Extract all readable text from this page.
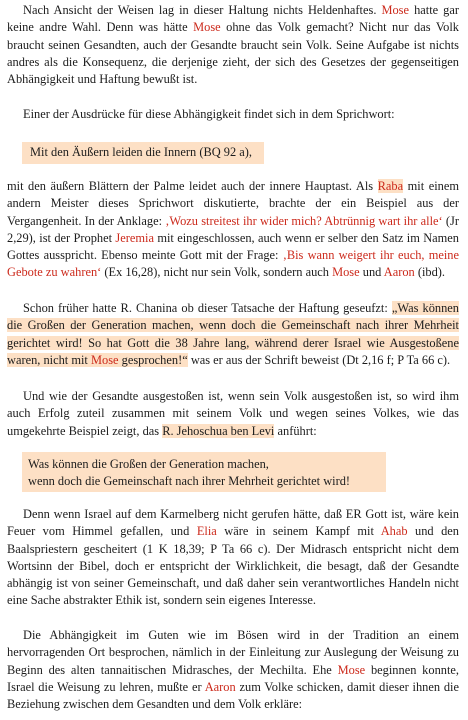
Nach Ansicht der Weisen lag in dieser Haltung nichts Heldenhaftes. Mose hatte gar keine andre Wahl. Denn was hätte Mose ohne das Volk gemacht? Nicht nur das Volk braucht seinen Gesandten, auch der Gesandte braucht sein Volk. Seine Aufgabe ist nichts andres als die Konsequenz, die derjenige zieht, der sich des Gesetzes der gegenseitigen Abhängigkeit und Haftung bewußt ist.

Einer der Ausdrücke für diese Abhängigkeit findet sich in dem Sprichwort:

Mit den Äußern leiden die Innern (BQ 92 a),

mit den äußern Blättern der Palme leidet auch der innere Hauptast. Als Raba mit einem andern Meister dieses Sprichwort diskutierte, brachte der ein Beispiel aus der Vergangenheit. In der Anklage: ‚Wozu streitest ihr wider mich? Abtrünnig wart ihr alle‘ (Jr 2,29), ist der Prophet Jeremia mit eingeschlossen, auch wenn er selber den Satz im Namen Gottes ausspricht. Ebenso meinte Gott mit der Frage: ‚Bis wann weigert ihr euch, meine Gebote zu wahren‘ (Ex 16,28), nicht nur sein Volk, sondern auch Mose und Aaron (ibd).

Schon früher hatte R. Chanina ob dieser Tatsache der Haftung geseufzt: „Was können die Großen der Generation machen, wenn doch die Gemeinschaft nach ihrer Mehrheit gerichtet wird! So hat Gott die 38 Jahre lang, während derer Israel wie Ausgestoßene waren, nicht mit Mose gesprochen!“ was er aus der Schrift beweist (Dt 2,16 f; P Ta 66 c).

Und wie der Gesandte ausgestoßen ist, wenn sein Volk ausgestoßen ist, so wird ihm auch Erfolg zuteil zusammen mit seinem Volk und wegen seines Volkes, wie das umgekehrte Beispiel zeigt, das R. Jehoschua ben Levi anführt:

Was können die Großen der Generation machen,
wenn doch die Gemeinschaft nach ihrer Mehrheit gerichtet wird!

Denn wenn Israel auf dem Karmelberg nicht gerufen hätte, daß ER Gott ist, wäre kein Feuer vom Himmel gefallen, und Elia wäre in seinem Kampf mit Ahab und den Baalspriestern gescheitert (1 K 18,39; P Ta 66 c). Der Midrasch entspricht nicht dem Wortsinn der Bibel, doch er entspricht der Wirklichkeit, die besagt, daß der Gesandte abhängig ist von seiner Gemeinschaft, und daß daher sein verantwortliches Handeln nicht eine Sache abstrakter Ethik ist, sondern sein eigenes Interesse.

Die Abhängigkeit im Guten wie im Bösen wird in der Tradition an einem hervorragenden Ort besprochen, nämlich in der Einleitung zur Auslegung der Weisung zu Beginn des alten tannaitischen Midrasches, der Mechilta. Ehe Mose beginnen konnte, Israel die Weisung zu lehren, mußte er Aaron zum Volke schicken, damit dieser ihnen die Beziehung zwischen dem Gesandten und dem Volk erkläre:
